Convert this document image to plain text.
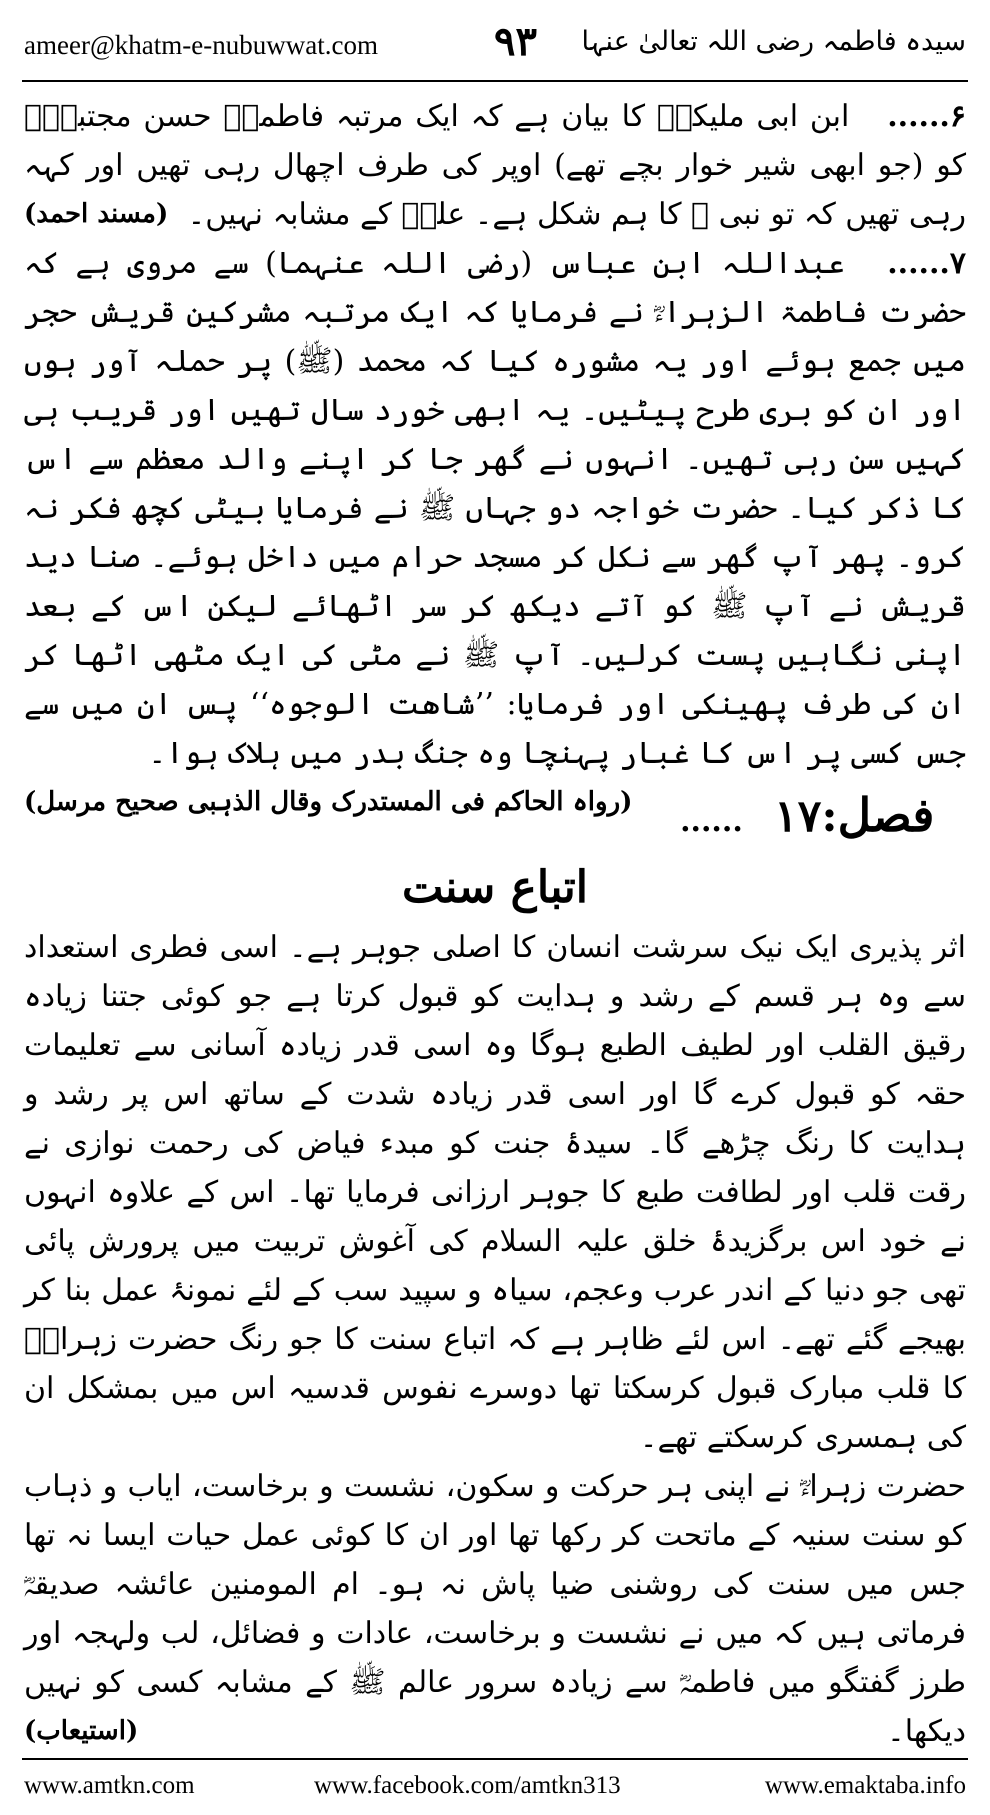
ameer@khatm-e-nubuwwat.com	۹۳ سیدہ فاطمہ رضی اللہ تعالیٰ عنہا

۶...... ابن ابی ملیکہؒ کا بیان ہے کہ ایک مرتبہ فاطمہؓ حسن مجتبیٰؓ کو (جو ابھی شیر خوار بچے تھے) اوپر کی طرف اچھال رہی تھیں اور کہہ رہی تھیں کہ تو نبی ﷺ کا ہم شکل ہے۔ علیؓ کے مشابہ نہیں۔
(مسند احمد)

۷...... عبداللہ ابن عباس (رضی اللہ عنہما) سے مروی ہے کہ حضرت فاطمۃ الزہراءؓ نے فرمایا کہ ایک مرتبہ مشرکین قریش حجر میں جمع ہوئے اور یہ مشورہ کیا کہ محمد (ﷺ) پر حملہ آور ہوں اور ان کو بری طرح پیٹیں۔ یہ ابھی خورد سال تھیں اور قریب ہی کہیں سن رہی تھیں۔ انہوں نے گھر جا کر اپنے والد معظم سے اس کا ذکر کیا۔ حضرت خواجہ دو جہاں ﷺ نے فرمایا بیٹی کچھ فکر نہ کرو۔ پھر آپ گھر سے نکل کر مسجد حرام میں داخل ہوئے۔ صنا دید قریش نے آپ ﷺ کو آتے دیکھ کر سر اٹھائے لیکن اس کے بعد اپنی نگاہیں پست کرلیں۔ آپ ﷺ نے مٹی کی ایک مٹھی اٹھا کر ان کی طرف پھینکی اور فرمایا: ’’شاھت الوجوہ‘‘ پس ان میں سے جس کسی پر اس کا غبار پہنچا وہ جنگ بدر میں ہلاک ہوا۔
(رواہ الحاکم فی المستدرک وقال الذہبی صحیح مرسل)	فصل:۱۷ ...... اتباع سنت

اثر پذیری ایک نیک سرشت انسان کا اصلی جوہر ہے۔ اسی فطری استعداد سے وہ ہر قسم کے رشد و ہدایت کو قبول کرتا ہے جو کوئی جتنا زیادہ رقیق القلب اور لطیف الطبع ہوگا وہ اسی قدر زیادہ آسانی سے تعلیمات حقہ کو قبول کرے گا اور اسی قدر زیادہ شدت کے ساتھ اس پر رشد و ہدایت کا رنگ چڑھے گا۔ سیدۂ جنت کو مبدء فیاض کی رحمت نوازی نے رقت قلب اور لطافت طبع کا جوہر ارزانی فرمایا تھا۔ اس کے علاوہ انہوں نے خود اس برگزیدۂ خلق علیہ السلام کی آغوش تربیت میں پرورش پائی تھی جو دنیا کے اندر عرب وعجم، سیاہ و سپید سب کے لئے نمونۂ عمل بنا کر بھیجے گئے تھے۔ اس لئے ظاہر ہے کہ اتباع سنت کا جو رنگ حضرت زہراءؓ کا قلب مبارک قبول کرسکتا تھا دوسرے نفوس قدسیہ اس میں بمشکل ان کی ہمسری کرسکتے تھے۔

حضرت زہراءؓ نے اپنی ہر حرکت و سکون، نشست و برخاست، ایاب و ذہاب کو سنت سنیہ کے ماتحت کر رکھا تھا اور ان کا کوئی عمل حیات ایسا نہ تھا جس میں سنت کی روشنی ضیا پاش نہ ہو۔ ام المومنین عائشہ صدیقہؓ فرماتی ہیں کہ میں نے نشست و برخاست، عادات و فضائل، لب ولہجہ اور طرز گفتگو میں فاطمہؓ سے زیادہ سرور عالم ﷺ کے مشابہ کسی کو نہیں دیکھا۔
(استیعاب)

www.amtkn.com	www.facebook.com/amtkn313	www.emaktaba.info
